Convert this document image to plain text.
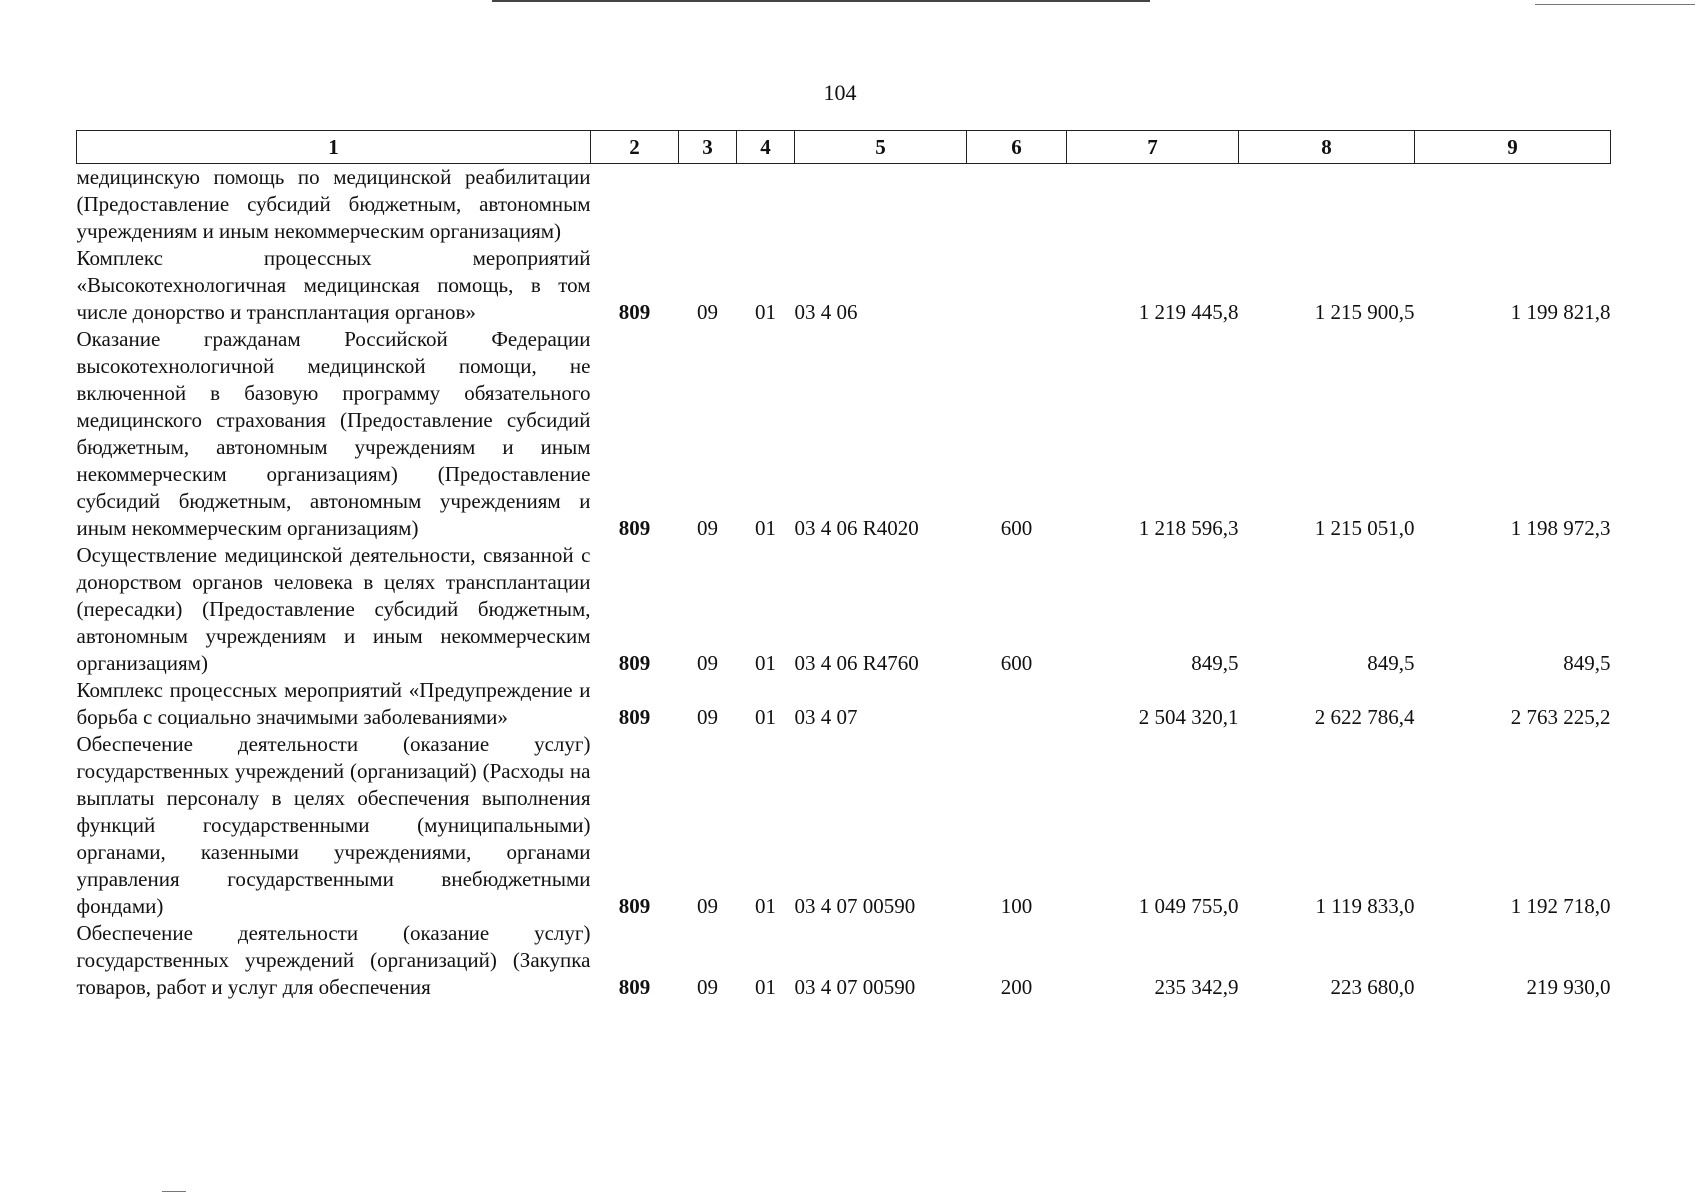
104
1	2	3	4	5	6	7	8	9
медицинскую помощь по медицинской реабилитации (Предоставление субсидий бюджетным, автономным учреждениям и иным некоммерческим организациям)								
Комплекс процессных мероприятий «Высокотехнологичная медицинская помощь, в том числе донорство и трансплантация органов»	809	09	01	03 4 06		1 219 445,8	1 215 900,5	1 199 821,8
Оказание гражданам Российской Федерации высокотехнологичной медицинской помощи, не включенной в базовую программу обязательного медицинского страхования (Предоставление субсидий бюджетным, автономным учреждениям и иным некоммерческим организациям) (Предоставление субсидий бюджетным, автономным учреждениям и иным некоммерческим организациям)	809	09	01	03 4 06 R4020	600	1 218 596,3	1 215 051,0	1 198 972,3
Осуществление медицинской деятельности, связанной с донорством органов человека в целях трансплантации (пересадки) (Предоставление субсидий бюджетным, автономным учреждениям и иным некоммерческим организациям)	809	09	01	03 4 06 R4760	600	849,5	849,5	849,5
Комплекс процессных мероприятий «Предупреждение и борьба с социально значимыми заболеваниями»	809	09	01	03 4 07		2 504 320,1	2 622 786,4	2 763 225,2
Обеспечение деятельности (оказание услуг) государственных учреждений (организаций) (Расходы на выплаты персоналу в целях обеспечения выполнения функций государственными (муниципальными) органами, казенными учреждениями, органами управления государственными внебюджетными фондами)	809	09	01	03 4 07 00590	100	1 049 755,0	1 119 833,0	1 192 718,0
Обеспечение деятельности (оказание услуг) государственных учреждений (организаций) (Закупка товаров, работ и услуг для обеспечения	809	09	01	03 4 07 00590	200	235 342,9	223 680,0	219 930,0
